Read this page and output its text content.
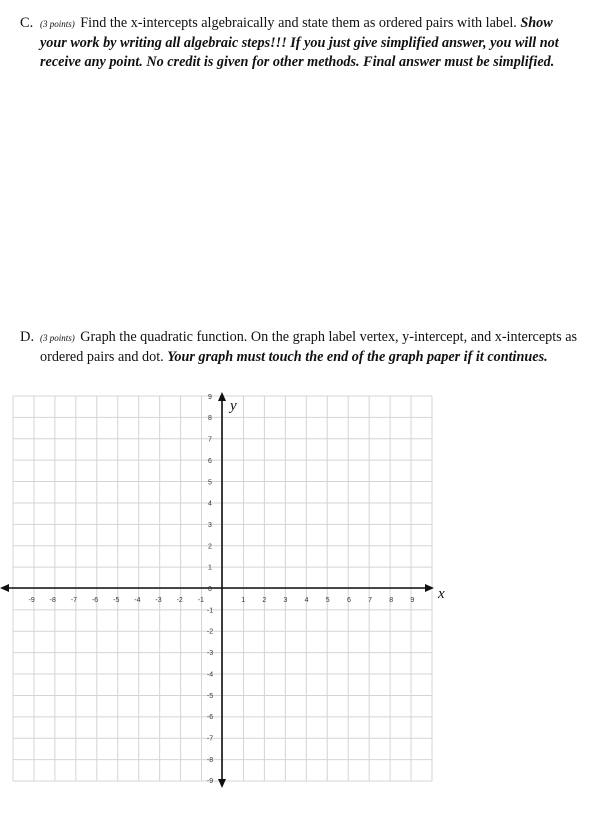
C. (3 points) Find the x-intercepts algebraically and state them as ordered pairs with label. Show your work by writing all algebraic steps!!! If you just give simplified answer, you will not receive any point. No credit is given for other methods. Final answer must be simplified.
D. (3 points) Graph the quadratic function. On the graph label vertex, y-intercept, and x-intercepts as ordered pairs and dot. Your graph must touch the end of the graph paper if it continues.
-9 -8 -7 -6 -5 -4 -3 -2 -1	1 2 3 4 5 6 7 8 9
9
8
7
6
5
4
3
2
1
0
-1
-2
-3
-4
-5
-6
-7
-8
-9
x
y
